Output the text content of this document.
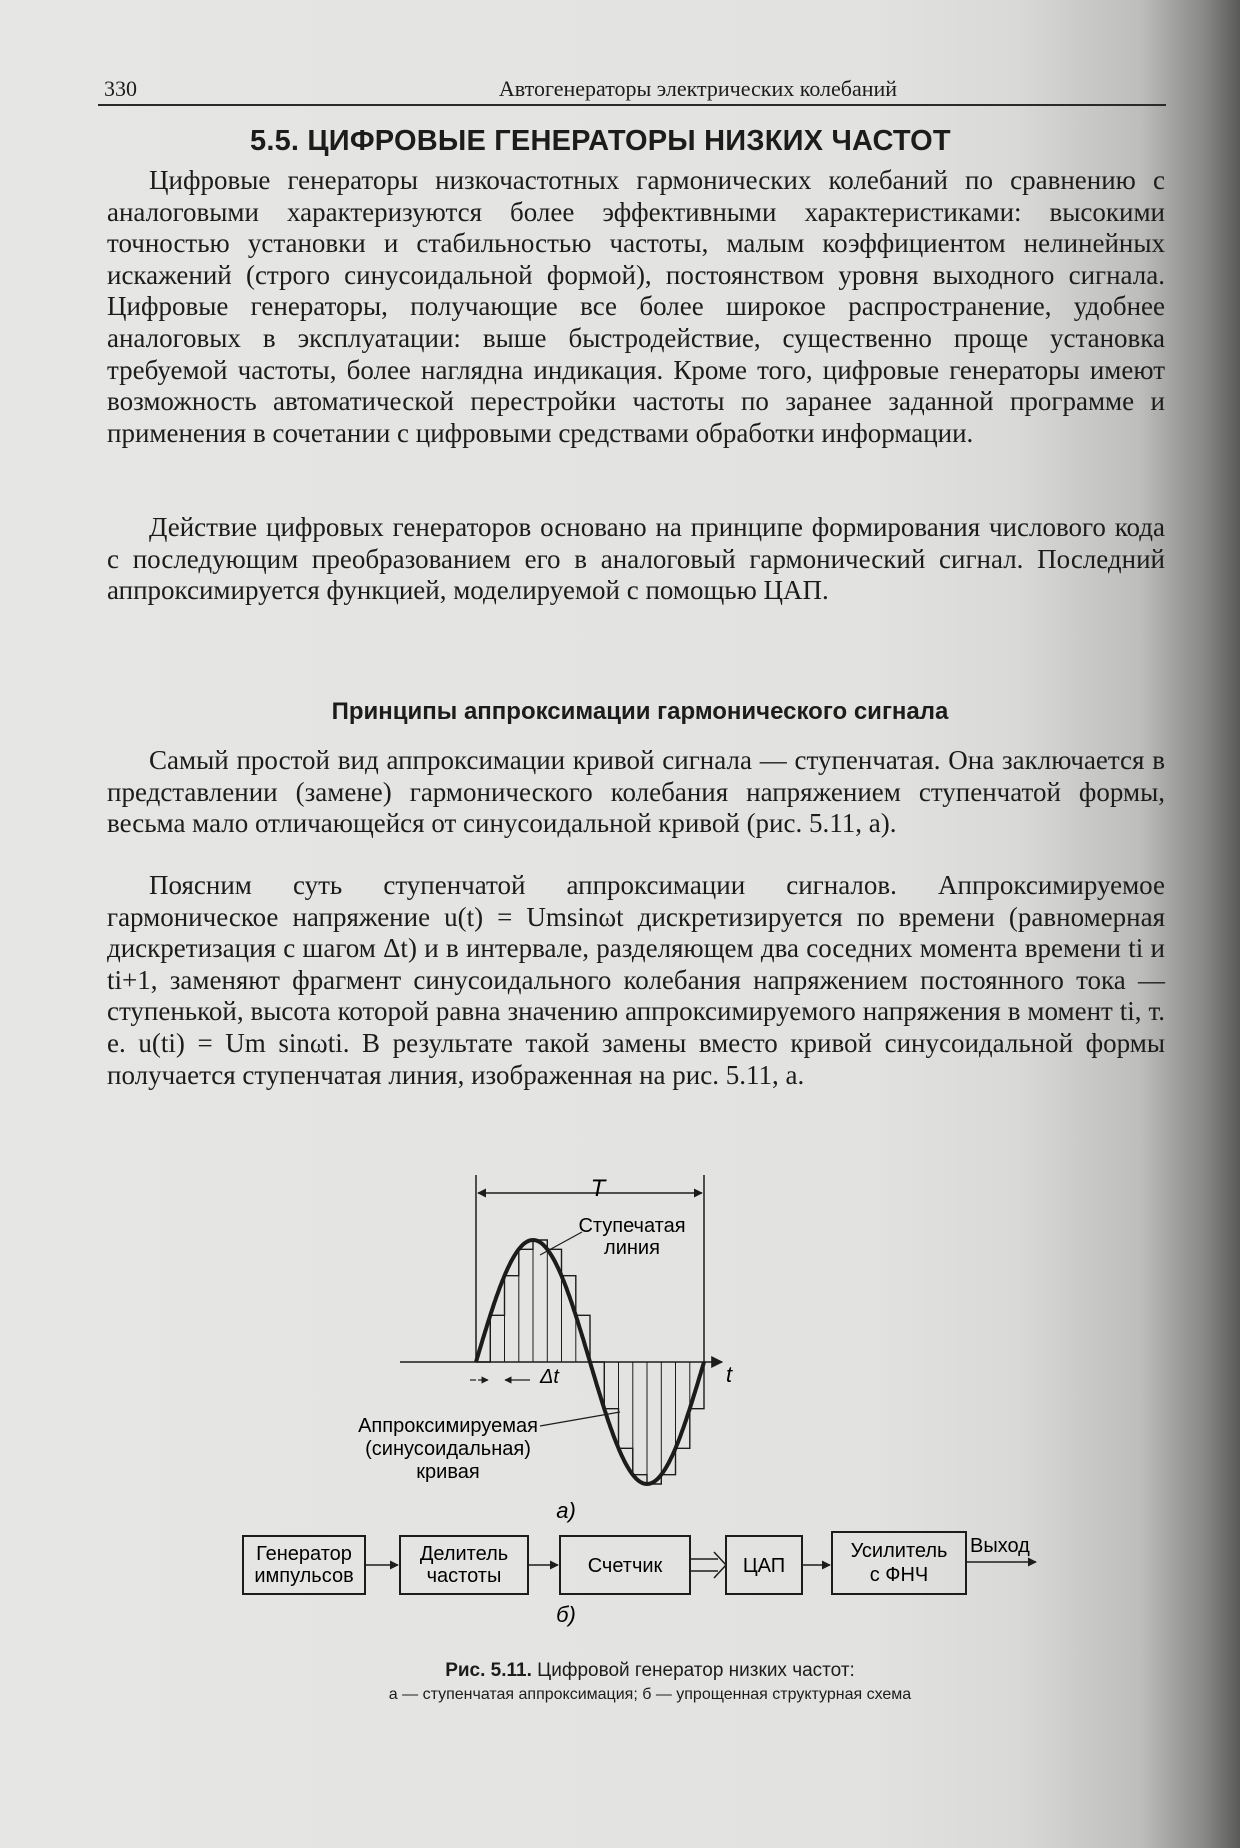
330	Автогенераторы электрических колебаний
5.5. ЦИФРОВЫЕ ГЕНЕРАТОРЫ НИЗКИХ ЧАСТОТ

Цифровые генераторы низкочастотных гармонических колебаний по сравнению с аналоговыми характеризуются более эффективными характеристиками: высокими точностью установки и стабильностью частоты, малым коэффициентом нелинейных искажений (строго синусоидальной формой), постоянством уровня выходного сигнала. Цифровые генераторы, получающие все более широкое распространение, удобнее аналоговых в эксплуатации: выше быстродействие, существенно проще установка требуемой частоты, более наглядна индикация. Кроме того, цифровые генераторы имеют возможность автоматической перестройки частоты по заранее заданной программе и применения в сочетании с цифровыми средствами обработки информации.

Действие цифровых генераторов основано на принципе формирования числового кода с последующим преобразованием его в аналоговый гармонический сигнал. Последний аппроксимируется функцией, моделируемой с помощью ЦАП.

Принципы аппроксимации гармонического сигнала

Самый простой вид аппроксимации кривой сигнала — ступенчатая. Она заключается в представлении (замене) гармонического колебания напряжением ступенчатой формы, весьма мало отличающейся от синусоидальной кривой (рис. 5.11, а).

Поясним суть ступенчатой аппроксимации сигналов. Аппроксимируемое гармоническое напряжение u(t) = Umsinωt дискретизируется по времени (равномерная дискретизация с шагом Δt) и в интервале, разделяющем два соседних момента времени ti и ti+1, заменяют фрагмент синусоидального колебания напряжением постоянного тока — ступенькой, высота которой равна значению аппроксимируемого напряжения в момент ti, т. е. u(ti) = Um sinωti. В результате такой замены вместо кривой синусоидальной формы получается ступенчатая линия, изображенная на рис. 5.11, а.

T
t
Δt
Ступечатая
линия
Аппроксимируемая
(синусоидальная)
кривая
а)
Генератор
импульсов
Делитель
частоты	Счетчик	ЦАП
Усилитель
с ФНЧ
Выход
б)
Рис. 5.11. Цифровой генератор низких частот:
а — ступенчатая аппроксимация; б — упрощенная структурная схема
